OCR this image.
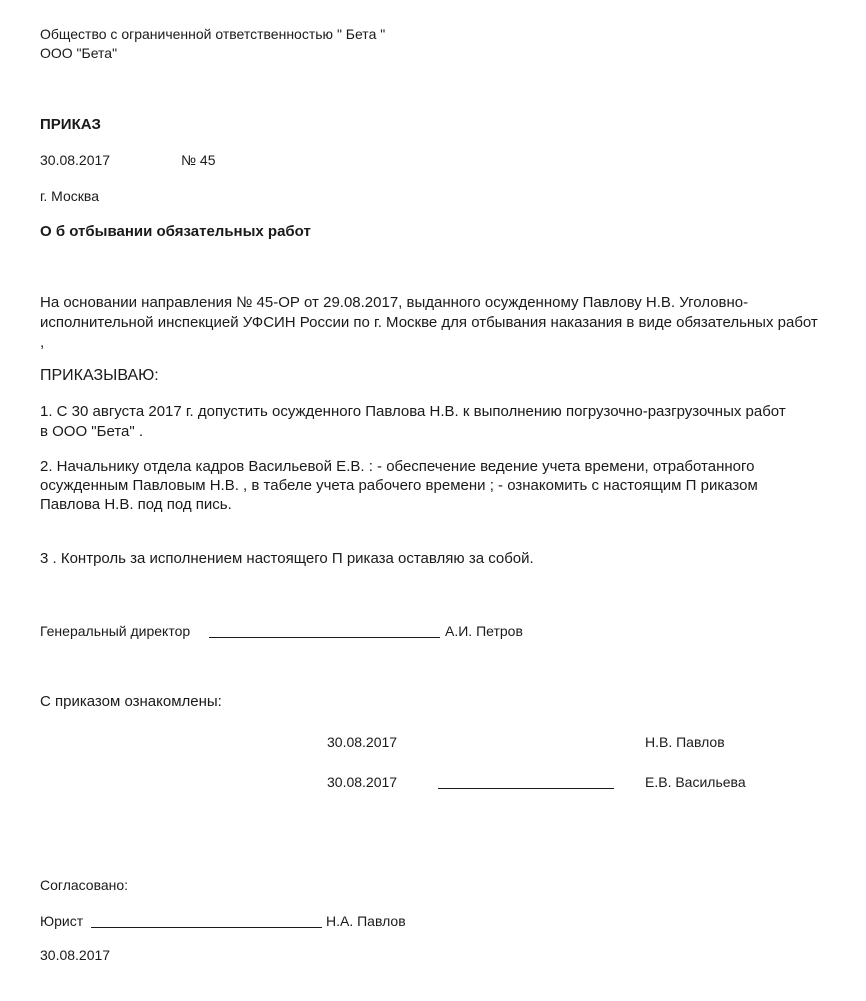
Общество с ограниченной ответственностью " Бета "
ООО "Бета"
ПРИКАЗ
30.08.2017	№ 45
г. Москва
О б отбывании обязательных работ
На основании направления № 45-ОР от 29.08.2017, выданного осужденному Павлову Н.В. Уголовно-
исполнительной инспекцией УФСИН России по г. Москве для отбывания наказания в виде обязательных работ
,
ПРИКАЗЫВАЮ:
1. С 30 августа 2017 г. допустить осужденного Павлова Н.В. к выполнению погрузочно-разгрузочных работ
в ООО "Бета" .
2. Начальнику отдела кадров Васильевой Е.В. : - обеспечение ведение учета времени, отработанного
осужденным Павловым Н.В. , в табеле учета рабочего времени ; - ознакомить с настоящим П риказом
Павлова Н.В. под под пись.
3 . Контроль за исполнением настоящего П риказа оставляю за собой.
Генеральный директор	А.И. Петров
С приказом ознакомлены:
30.08.2017	Н.В. Павлов
30.08.2017	Е.В. Васильева
Согласовано:
Юрист	Н.А. Павлов
30.08.2017
